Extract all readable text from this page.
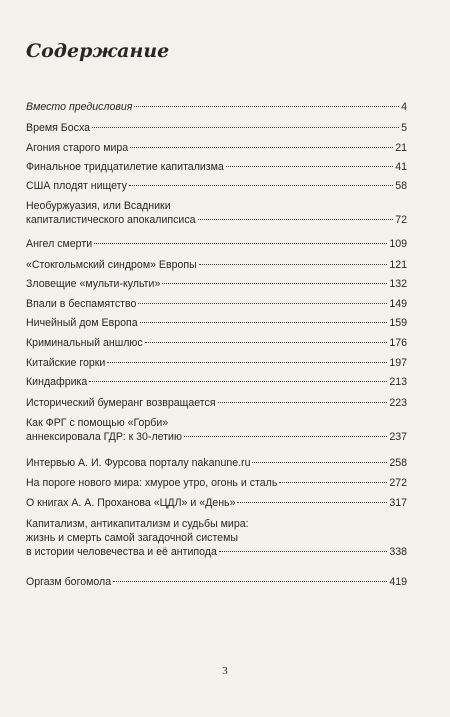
Содержание
Вместо предисловия	4
Время Босха	5
Агония старого мира	21
Финальное тридцатилетие капитализма	41
США плодят нищету	58
Необуржуазия, или Всадники
капиталистического апокалипсиса	72
Ангел смерти	109
«Стокгольмский синдром» Европы	121
Зловещие «мульти-культи»	132
Впали в беспамятство	149
Ничейный дом Европа	159
Криминальный аншлюс	176
Китайские горки	197
Киндафрика	213
Исторический бумеранг возвращается	223
Как ФРГ с помощью «Горби»
аннексировала ГДР: к 30-летию	237
Интервью А. И. Фурсова порталу nakanune.ru	258
На пороге нового мира: хмурое утро, огонь и сталь	272
О книгах А. А. Проханова «ЦДЛ» и «День»	317
Капитализм, антикапитализм и судьбы мира:
жизнь и смерть самой загадочной системы
в истории человечества и её антипода	338
Оргазм богомола	419
3
